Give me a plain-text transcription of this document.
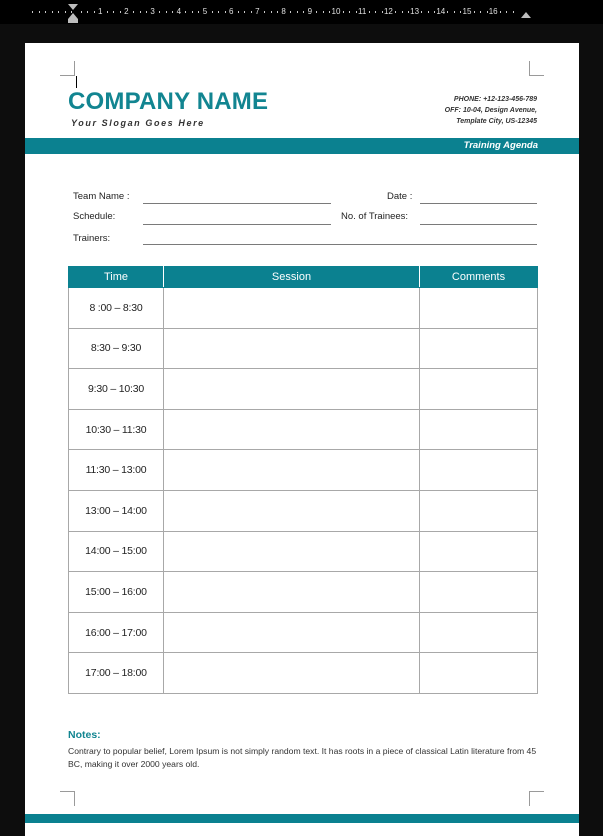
1	2	3	4	5	6	7	8	9 10 11 12 13 14 15 16
COMPANY NAME
Your Slogan Goes Here
PHONE: +12-123-456-789
OFF: 10-04, Design Avenue,
Template City, US-12345
Training Agenda
Team Name :	Date :
Schedule:	No. of Trainees:
Trainers:
Time	Session	Comments
8 :00 – 8:30		
8:30 – 9:30		
9:30 – 10:30		
10:30 – 11:30		
11:30 – 13:00		
13:00 – 14:00		
14:00 – 15:00		
15:00 – 16:00		
16:00 – 17:00		
17:00 – 18:00		
Notes:
Contrary to popular belief, Lorem Ipsum is not simply random text. It has roots in a piece of classical Latin literature from 45 BC, making it over 2000 years old.
